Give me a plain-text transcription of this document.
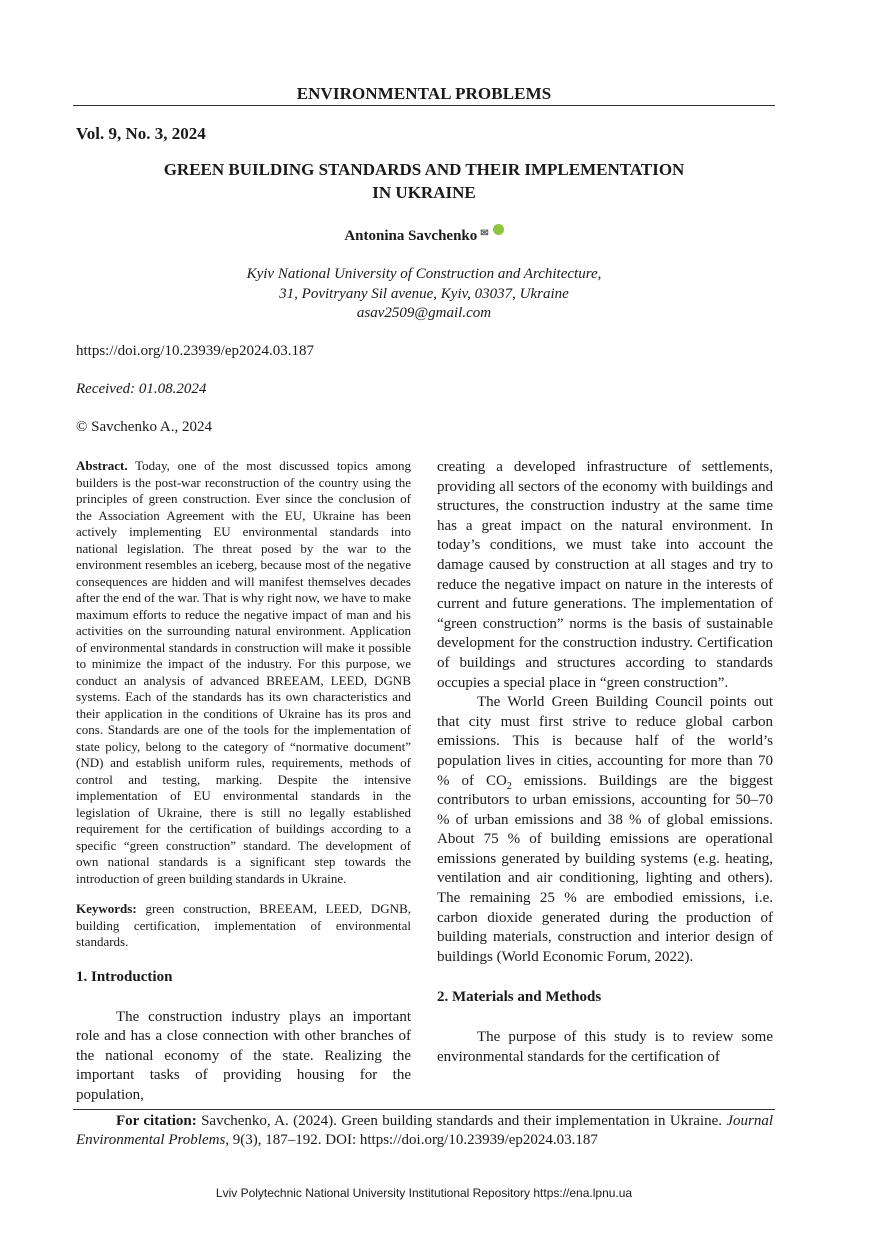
ENVIRONMENTAL PROBLEMS
Vol. 9, No. 3, 2024
GREEN BUILDING STANDARDS AND THEIR IMPLEMENTATION
IN UKRAINE
Antonina Savchenko ✉
Kyiv National University of Construction and Architecture,
31, Povitryany Sil avenue, Kyiv, 03037, Ukraine
asav2509@gmail.com
https://doi.org/10.23939/ep2024.03.187
Received: 01.08.2024
© Savchenko A., 2024

Abstract. Today, one of the most discussed topics among builders is the post-war reconstruction of the country using the principles of green construction. Ever since the conclusion of the Association Agreement with the EU, Ukraine has been actively implementing EU environmental standards into national legislation. The threat posed by the war to the environment resembles an iceberg, because most of the negative consequences are hidden and will manifest themselves decades after the end of the war. That is why right now, we have to make maximum efforts to reduce the negative impact of man and his activities on the surrounding natural environment. Application of environmental standards in construction will make it possible to minimize the impact of the industry. For this purpose, we conduct an analysis of advanced BREEAM, LEED, DGNB systems. Each of the standards has its own characteristics and their application in the conditions of Ukraine has its pros and cons. Standards are one of the tools for the implementation of state policy, belong to the category of “normative document” (ND) and establish uniform rules, requirements, methods of control and testing, marking. Despite the intensive implementation of EU environmental standards in the legislation of Ukraine, there is still no legally established requirement for the certification of buildings according to a specific “green construction” standard. The development of own national standards is a significant step towards the introduction of green building standards in Ukraine.

Keywords: green construction, BREEAM, LEED, DGNB, building certification, implementation of environmental standards.

1. Introduction

The construction industry plays an important role and has a close connection with other branches of the national economy of the state. Realizing the important tasks of providing housing for the population,

creating a developed infrastructure of settlements, providing all sectors of the economy with buildings and structures, the construction industry at the same time has a great impact on the natural environment. In today’s conditions, we must take into account the damage caused by construction at all stages and try to reduce the negative impact on nature in the interests of current and future generations. The implementation of “green construction” norms is the basis of sustainable development for the construction industry. Certification of buildings and structures according to standards occupies a special place in “green construction”.

The World Green Building Council points out that city must first strive to reduce global carbon emissions. This is because half of the world’s population lives in cities, accounting for more than 70 % of $CO_2$ emissions. Buildings are the biggest contributors to urban emissions, accounting for 50–70 % of urban emissions and 38 % of global emissions. About 75 % of building emissions are operational emissions generated by building systems (e.g. heating, ventilation and air conditioning, lighting and others). The remaining 25 % are embodied emissions, i.e. carbon dioxide generated during the production of building materials, construction and interior design of buildings (World Economic Forum, 2022).

2. Materials and Methods

The purpose of this study is to review some environmental standards for the certification of

For citation: Savchenko, A. (2024). Green building standards and their implementation in Ukraine. Journal Environmental Problems, 9(3), 187–192. DOI: https://doi.org/10.23939/ep2024.03.187
Lviv Polytechnic National University Institutional Repository https://ena.lpnu.ua
